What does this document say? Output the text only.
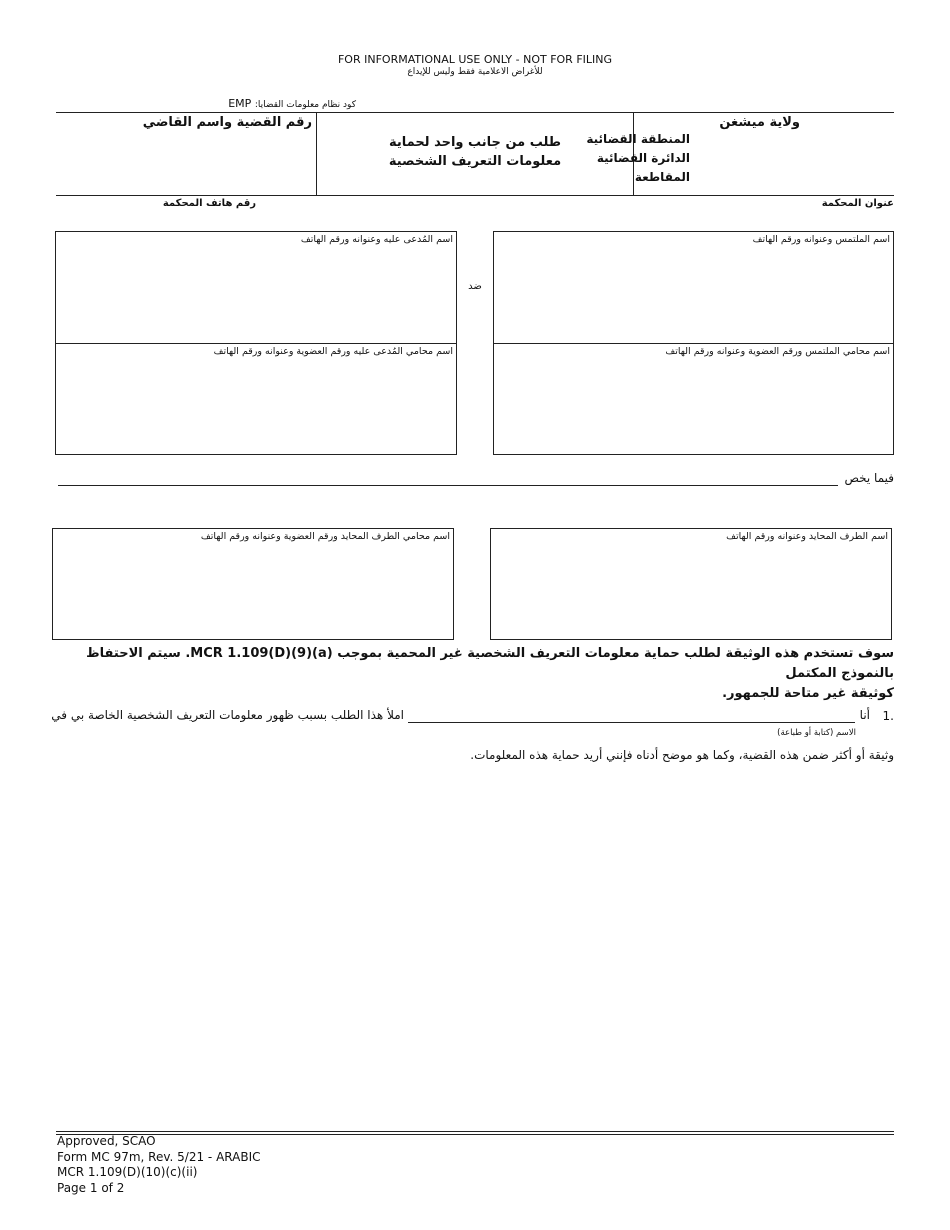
FOR INFORMATIONAL USE ONLY - NOT FOR FILING
للأغراض الاعلامية فقط وليس للإيداع
كود نظام معلومات القضايا: EMP
ولاية ميشغن
المنطقة القضائية
الدائرة القضائية
المقاطعة
طلب من جانب واحد لحماية
معلومات التعريف الشخصية
رقم القضية واسم القاضي
عنوان المحكمة
رقم هاتف المحكمة
اسم المُدعى عليه وعنوانه ورقم الهاتف
اسم محامي المُدعى عليه ورقم العضوية وعنوانه ورقم الهاتف
ضد
اسم الملتمس وعنوانه ورقم الهاتف
اسم محامي الملتمس ورقم العضوية وعنوانه ورقم الهاتف
فيما يخص
اسم محامي الطرف المحايد ورقم العضوية وعنوانه ورقم الهاتف	اسم الطرف المحايد وعنوانه ورقم الهاتف
سوف تستخدم هذه الوثيقة لطلب حماية معلومات التعريف الشخصية غير المحمية بموجب MCR 1.109(D)(9)(a). سيتم الاحتفاظ بالنموذج المكتمل
كوثيقة غير متاحة للجمهور.
1.
أنا
املأ هذا الطلب بسبب ظهور معلومات التعريف الشخصية الخاصة بي في
الاسم (كتابة أو طباعة)
وثيقة أو أكثر ضمن هذه القضية، وكما هو موضح أدناه فإنني أريد حماية هذه المعلومات.
Approved, SCAO
Form MC 97m, Rev. 5/21 - ARABIC
MCR 1.109(D)(10)(c)(ii)
Page 1 of 2
